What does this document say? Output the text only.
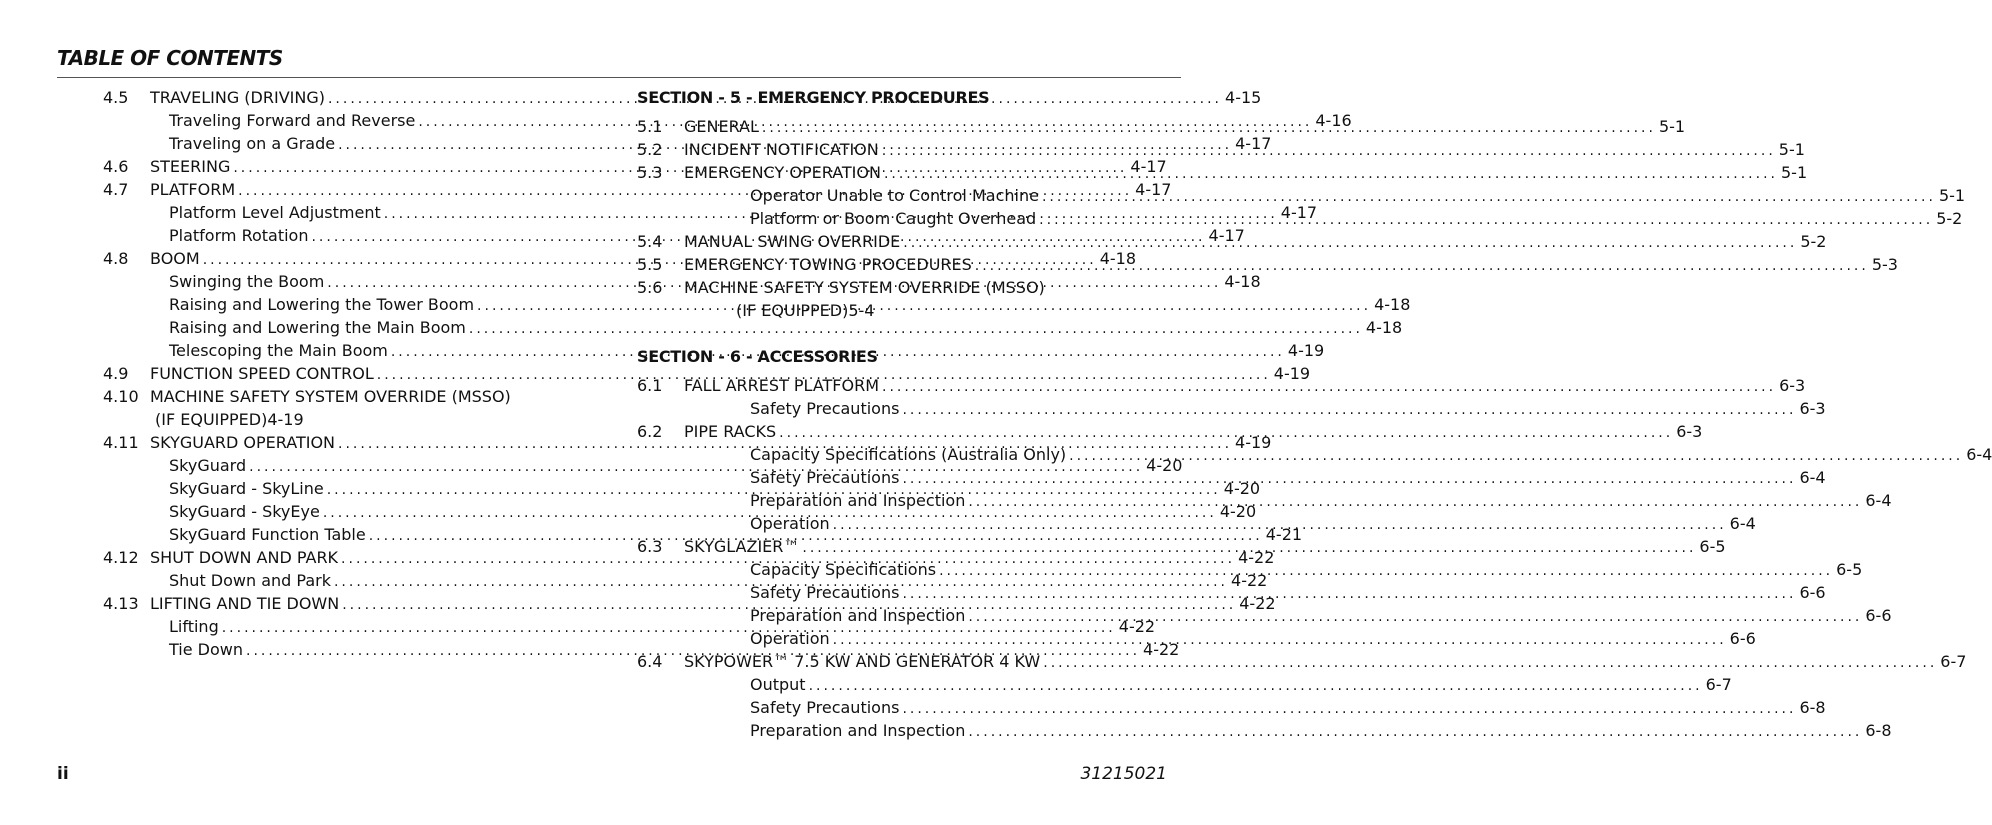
TABLE OF CONTENTS
4.5	TRAVELING (DRIVING) .....	4-15
Traveling Forward and Reverse .....	4-16
Traveling on a Grade .....	4-17
4.6	STEERING .....	4-17
4.7	PLATFORM .....	4-17
Platform Level Adjustment .....	4-17
Platform Rotation .....	4-17
4.8	BOOM .....	4-18
Swinging the Boom .....	4-18
Raising and Lowering the Tower Boom .....	4-18
Raising and Lowering the Main Boom .....	4-18
Telescoping the Main Boom .....	4-19
4.9	FUNCTION SPEED CONTROL .....	4-19
4.10 MACHINE SAFETY SYSTEM OVERRIDE (MSSO)
(IF EQUIPPED)4-19
4.11 SKYGUARD OPERATION .....	4-19
SkyGuard .....	4-20
SkyGuard - SkyLine .....	4-20
SkyGuard - SkyEye .....	4-20
SkyGuard Function Table .....	4-21
4.12 SHUT DOWN AND PARK .....	4-22
Shut Down and Park .....	4-22
4.13 LIFTING AND TIE DOWN .....	4-22
Lifting .....	4-22
Tie Down .....	4-22
SECTION - 5 - EMERGENCY PROCEDURES
5.1	GENERAL .....	5-1
5.2	INCIDENT NOTIFICATION .....	5-1
5.3	EMERGENCY OPERATION .....	5-1
Operator Unable to Control Machine .....	5-1
Platform or Boom Caught Overhead .....	5-2
5.4	MANUAL SWING OVERRIDE .....	5-2
5.5	EMERGENCY TOWING PROCEDURES .....	5-3
5.6	MACHINE SAFETY SYSTEM OVERRIDE (MSSO)
(IF EQUIPPED)5-4
SECTION - 6 - ACCESSORIES
6.1	FALL ARREST PLATFORM .....	6-3
Safety Precautions .....	6-3
6.2	PIPE RACKS .....	6-3
Capacity Specifications (Australia Only) .....	6-4
Safety Precautions .....	6-4
Preparation and Inspection .....	6-4
Operation .....	6-4
6.3	SKYGLAZIER™ .....	6-5
Capacity Specifications .....	6-5
Safety Precautions .....	6-6
Preparation and Inspection .....	6-6
Operation .....	6-6
6.4	SKYPOWER™ 7.5 KW AND GENERATOR 4 KW .....	6-7
Output .....	6-7
Safety Precautions .....	6-8
Preparation and Inspection .....	6-8
ii	31215021
